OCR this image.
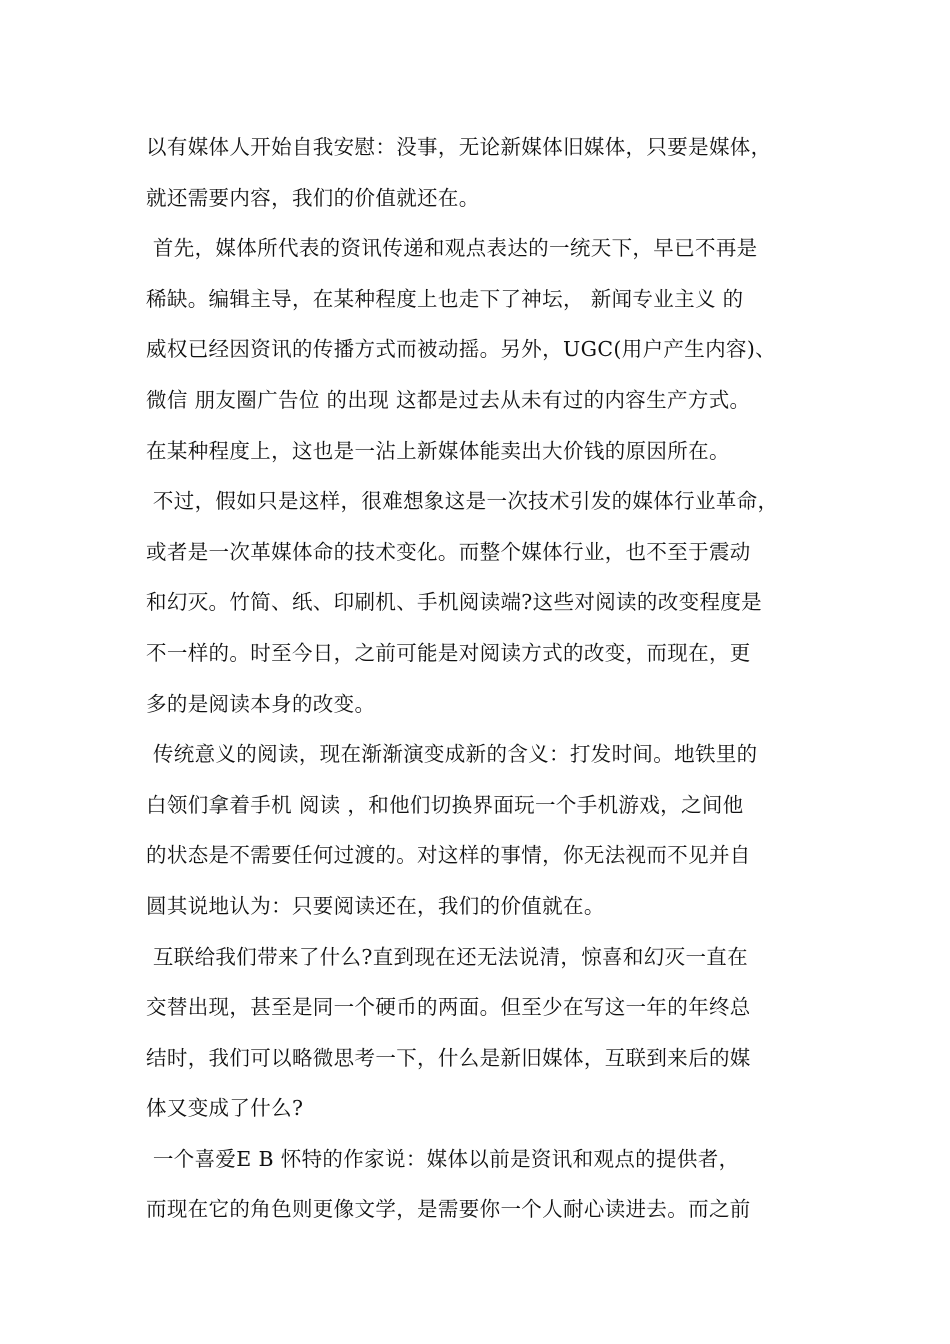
以有媒体人开始自我安慰：没事，无论新媒体旧媒体，只要是媒体，
就还需要内容，我们的价值就还在。
首先，媒体所代表的资讯传递和观点表达的一统天下，早已不再是
稀缺。编辑主导，在某种程度上也走下了神坛， 新闻专业主义 的
威权已经因资讯的传播方式而被动摇。另外，UGC(用户产生内容)、
微信 朋友圈广告位 的出现 这都是过去从未有过的内容生产方式。
在某种程度上，这也是一沾上新媒体能卖出大价钱的原因所在。
不过，假如只是这样，很难想象这是一次技术引发的媒体行业革命，
或者是一次革媒体命的技术变化。而整个媒体行业，也不至于震动
和幻灭。竹简、纸、印刷机、手机阅读端?这些对阅读的改变程度是
不一样的。时至今日，之前可能是对阅读方式的改变，而现在，更
多的是阅读本身的改变。
传统意义的阅读，现在渐渐演变成新的含义：打发时间。地铁里的
白领们拿着手机 阅读 ，和他们切换界面玩一个手机游戏，之间他
的状态是不需要任何过渡的。对这样的事情，你无法视而不见并自
圆其说地认为：只要阅读还在，我们的价值就在。
互联给我们带来了什么?直到现在还无法说清，惊喜和幻灭一直在
交替出现，甚至是同一个硬币的两面。但至少在写这一年的年终总
结时，我们可以略微思考一下，什么是新旧媒体，互联到来后的媒
体又变成了什么?
一个喜爱E B 怀特的作家说：媒体以前是资讯和观点的提供者，
而现在它的角色则更像文学，是需要你一个人耐心读进去。而之前
